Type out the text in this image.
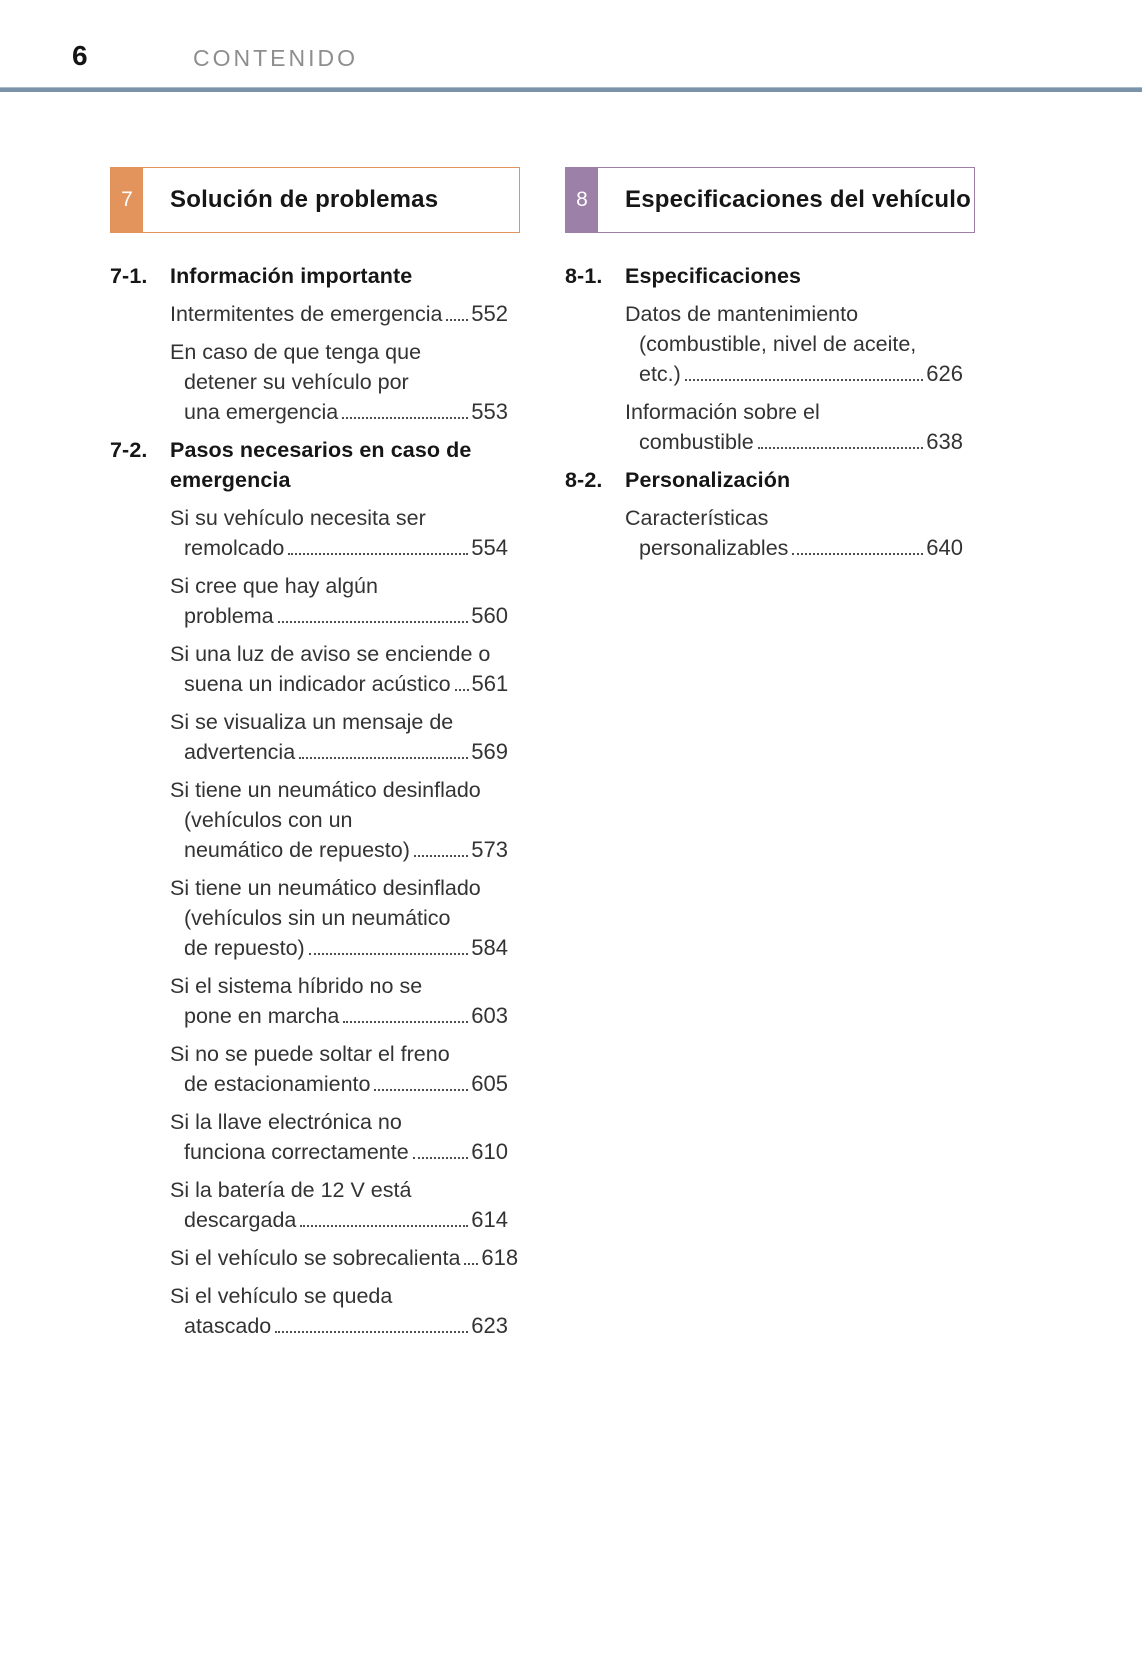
6	CONTENIDO
7	Solución de problemas
7-1.	Información importante
Intermitentes de emergencia 552
En caso de que tenga que
detener su vehículo por
una emergencia	553
7-2.	Pasos necesarios en caso de
emergencia
Si su vehículo necesita ser
remolcado	554
Si cree que hay algún
problema	560
Si una luz de aviso se enciende o
suena un indicador acústico 561
Si se visualiza un mensaje de
advertencia	569
Si tiene un neumático desinflado
(vehículos con un
neumático de repuesto)	573
Si tiene un neumático desinflado
(vehículos sin un neumático
de repuesto)	584
Si el sistema híbrido no se
pone en marcha	603
Si no se puede soltar el freno
de estacionamiento	605
Si la llave electrónica no
funciona correctamente	610
Si la batería de 12 V está
descargada	614
Si el vehículo se sobrecalienta 618
Si el vehículo se queda
atascado	623
8	Especificaciones del vehículo
8-1.	Especificaciones
Datos de mantenimiento
(combustible, nivel de aceite,
etc.)	626
Información sobre el
combustible	638
8-2.	Personalización
Características
personalizables	640
